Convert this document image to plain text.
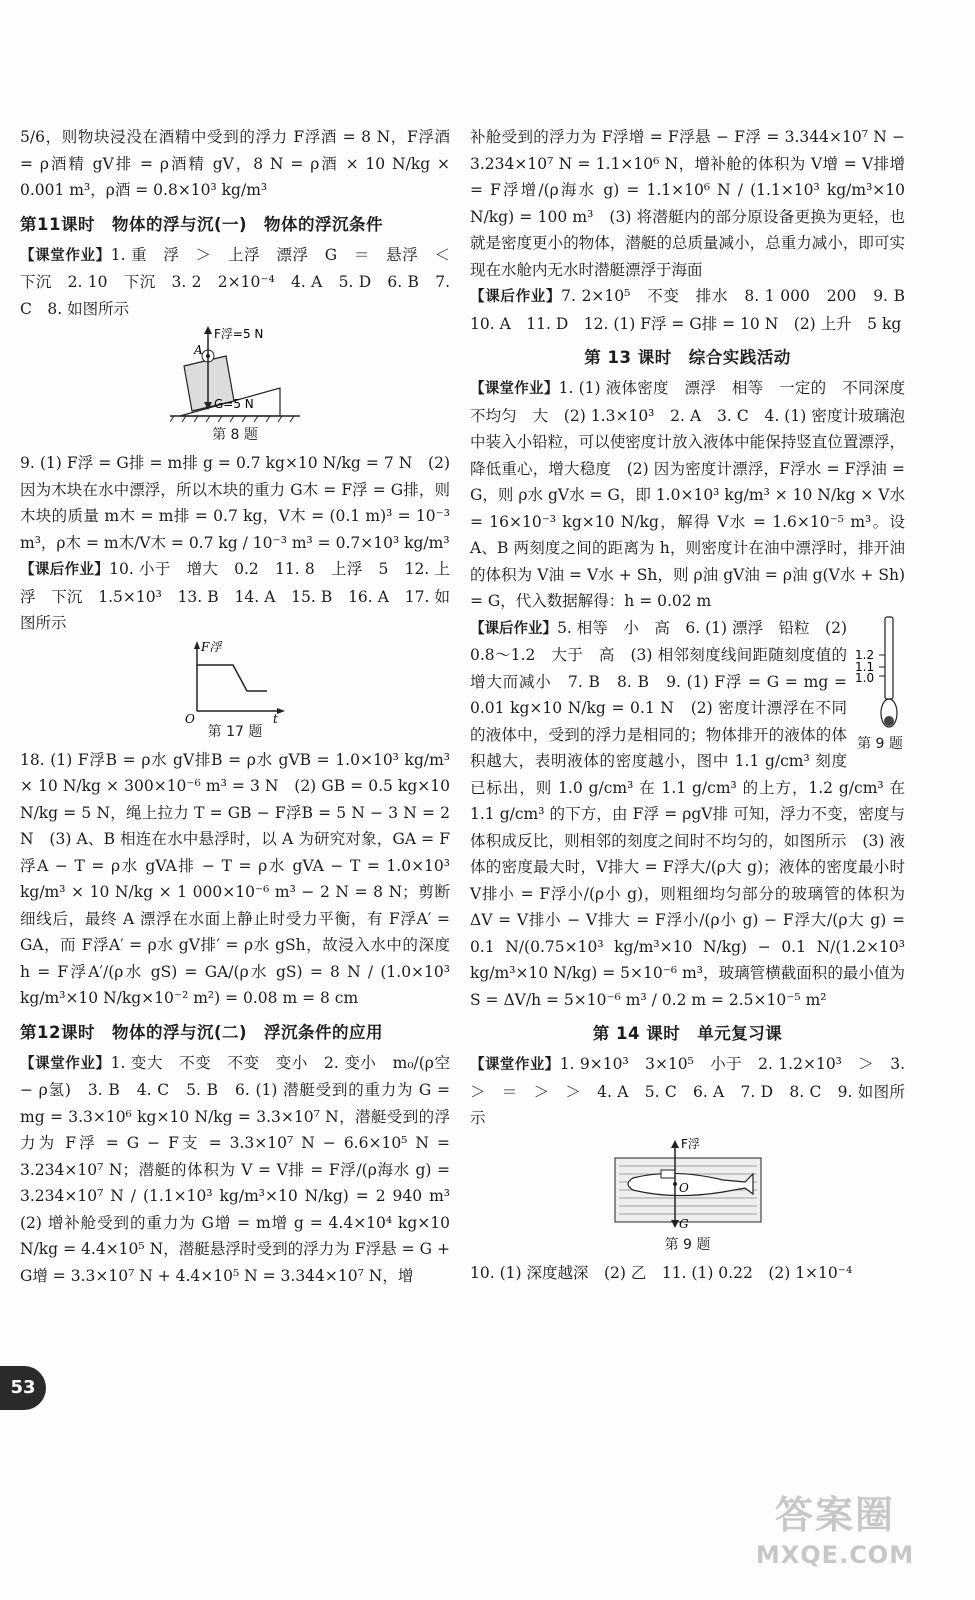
5/6，则物块浸没在酒精中受到的浮力 F浮酒 = 8 N，F浮酒 = ρ酒精 gV排 = ρ酒精 gV，8 N = ρ酒 × 10 N/kg × 0.001 m³，ρ酒 = 0.8×10³ kg/m³

第11课时　物体的浮与沉(一)　物体的浮沉条件

【课堂作业】1. 重　浮　＞　上浮　漂浮　G　＝　悬浮　＜　下沉　2. 10　下沉　3. 2　2×10⁻⁴　4. A　5. D　6. B　7. C　8. 如图所示

F浮=5 N
G=5 N
A
第 8 题

9. (1) F浮 = G排 = m排 g = 0.7 kg×10 N/kg = 7 N　(2) 因为木块在水中漂浮，所以木块的重力 G木 = F浮 = G排，则木块的质量 m木 = m排 = 0.7 kg，V木 = (0.1 m)³ = 10⁻³ m³，ρ木 = m木/V木 = 0.7 kg / 10⁻³ m³ = 0.7×10³ kg/m³

【课后作业】10. 小于　增大　0.2　11. 8　上浮　5　12. 上浮　下沉　1.5×10³　13. B　14. A　15. B　16. A　17. 如图所示

F浮
O	t
第 17 题

18. (1) F浮B = ρ水 gV排B = ρ水 gVB = 1.0×10³ kg/m³ × 10 N/kg × 300×10⁻⁶ m³ = 3 N　(2) GB = 0.5 kg×10 N/kg = 5 N，绳上拉力 T = GB − F浮B = 5 N − 3 N = 2 N　(3) A、B 相连在水中悬浮时，以 A 为研究对象，GA = F浮A − T = ρ水 gVA排 − T = ρ水 gVA − T = 1.0×10³ kg/m³ × 10 N/kg × 1 000×10⁻⁶ m³ − 2 N = 8 N；剪断细线后，最终 A 漂浮在水面上静止时受力平衡，有 F浮A′ = GA，而 F浮A′ = ρ水 gV排′ = ρ水 gSh，故浸入水中的深度 h = F浮A′/(ρ水 gS) = GA/(ρ水 gS) = 8 N / (1.0×10³ kg/m³×10 N/kg×10⁻² m²) = 0.08 m = 8 cm

第12课时　物体的浮与沉(二)　浮沉条件的应用

【课堂作业】1. 变大　不变　不变　变小　2. 变小　m₀/(ρ空 − ρ氢)　3. B　4. C　5. B　6. (1) 潜艇受到的重力为 G = mg = 3.3×10⁶ kg×10 N/kg = 3.3×10⁷ N，潜艇受到的浮力为 F浮 = G − F支 = 3.3×10⁷ N − 6.6×10⁵ N = 3.234×10⁷ N；潜艇的体积为 V = V排 = F浮/(ρ海水 g) = 3.234×10⁷ N / (1.1×10³ kg/m³×10 N/kg) = 2 940 m³　(2) 增补舱受到的重力为 G增 = m增 g = 4.4×10⁴ kg×10 N/kg = 4.4×10⁵ N，潜艇悬浮时受到的浮力为 F浮悬 = G + G增 = 3.3×10⁷ N + 4.4×10⁵ N = 3.344×10⁷ N，增

补舱受到的浮力为 F浮增 = F浮悬 − F浮 = 3.344×10⁷ N − 3.234×10⁷ N = 1.1×10⁶ N，增补舱的体积为 V增 = V排增 = F浮增/(ρ海水 g) = 1.1×10⁶ N / (1.1×10³ kg/m³×10 N/kg) = 100 m³　(3) 将潜艇内的部分原设备更换为更轻，也就是密度更小的物体，潜艇的总质量减小，总重力减小，即可实现在水舱内无水时潜艇漂浮于海面

【课后作业】7. 2×10⁵　不变　排水　8. 1 000　200　9. B　10. A　11. D　12. (1) F浮 = G排 = 10 N　(2) 上升　5 kg

第 13 课时　综合实践活动

【课堂作业】1. (1) 液体密度　漂浮　相等　一定的　不同深度　不均匀　大　(2) 1.3×10³　2. A　3. C　4. (1) 密度计玻璃泡中装入小铅粒，可以使密度计放入液体中能保持竖直位置漂浮，降低重心，增大稳度　(2) 因为密度计漂浮，F浮水 = F浮油 = G，则 ρ水 gV水 = G，即 1.0×10³ kg/m³ × 10 N/kg × V水 = 16×10⁻³ kg×10 N/kg，解得 V水 = 1.6×10⁻⁵ m³。设 A、B 两刻度之间的距离为 h，则密度计在油中漂浮时，排开油的体积为 V油 = V水 + Sh，则 ρ油 gV油 = ρ油 g(V水 + Sh) = G，代入数据解得：h = 0.02 m

1.2
1.1
1.0
第 9 题

【课后作业】5. 相等　小　高　6. (1) 漂浮　铅粒　(2) 0.8～1.2　大于　高　(3) 相邻刻度线间距随刻度值的增大而减小　7. B　8. B　9. (1) F浮 = G = mg = 0.01 kg×10 N/kg = 0.1 N　(2) 密度计漂浮在不同的液体中，受到的浮力是相同的；物体排开的液体的体积越大，表明液体的密度越小，图中 1.1 g/cm³ 刻度已标出，则 1.0 g/cm³ 在 1.1 g/cm³ 的上方，1.2 g/cm³ 在 1.1 g/cm³ 的下方，由 F浮 = ρgV排 可知，浮力不变，密度与体积成反比，则相邻的刻度之间时不均匀的，如图所示　(3) 液体的密度最大时，V排大 = F浮大/(ρ大 g)；液体的密度最小时 V排小 = F浮小/(ρ小 g)，则粗细均匀部分的玻璃管的体积为 ΔV = V排小 − V排大 = F浮小/(ρ小 g) − F浮大/(ρ大 g) = 0.1 N/(0.75×10³ kg/m³×10 N/kg) − 0.1 N/(1.2×10³ kg/m³×10 N/kg) = 5×10⁻⁶ m³，玻璃管横截面积的最小值为 S = ΔV/h = 5×10⁻⁶ m³ / 0.2 m = 2.5×10⁻⁵ m²

第 14 课时　单元复习课

【课堂作业】1. 9×10³　3×10⁵　小于　2. 1.2×10³　＞　3. ＞　＝　＞　＞　4. A　5. C　6. A　7. D　8. C　9. 如图所示

F浮
O
G
第 9 题

10. (1) 深度越深　(2) 乙　11. (1) 0.22　(2) 1×10⁻⁴

53
答案圈
MXQE.COM
